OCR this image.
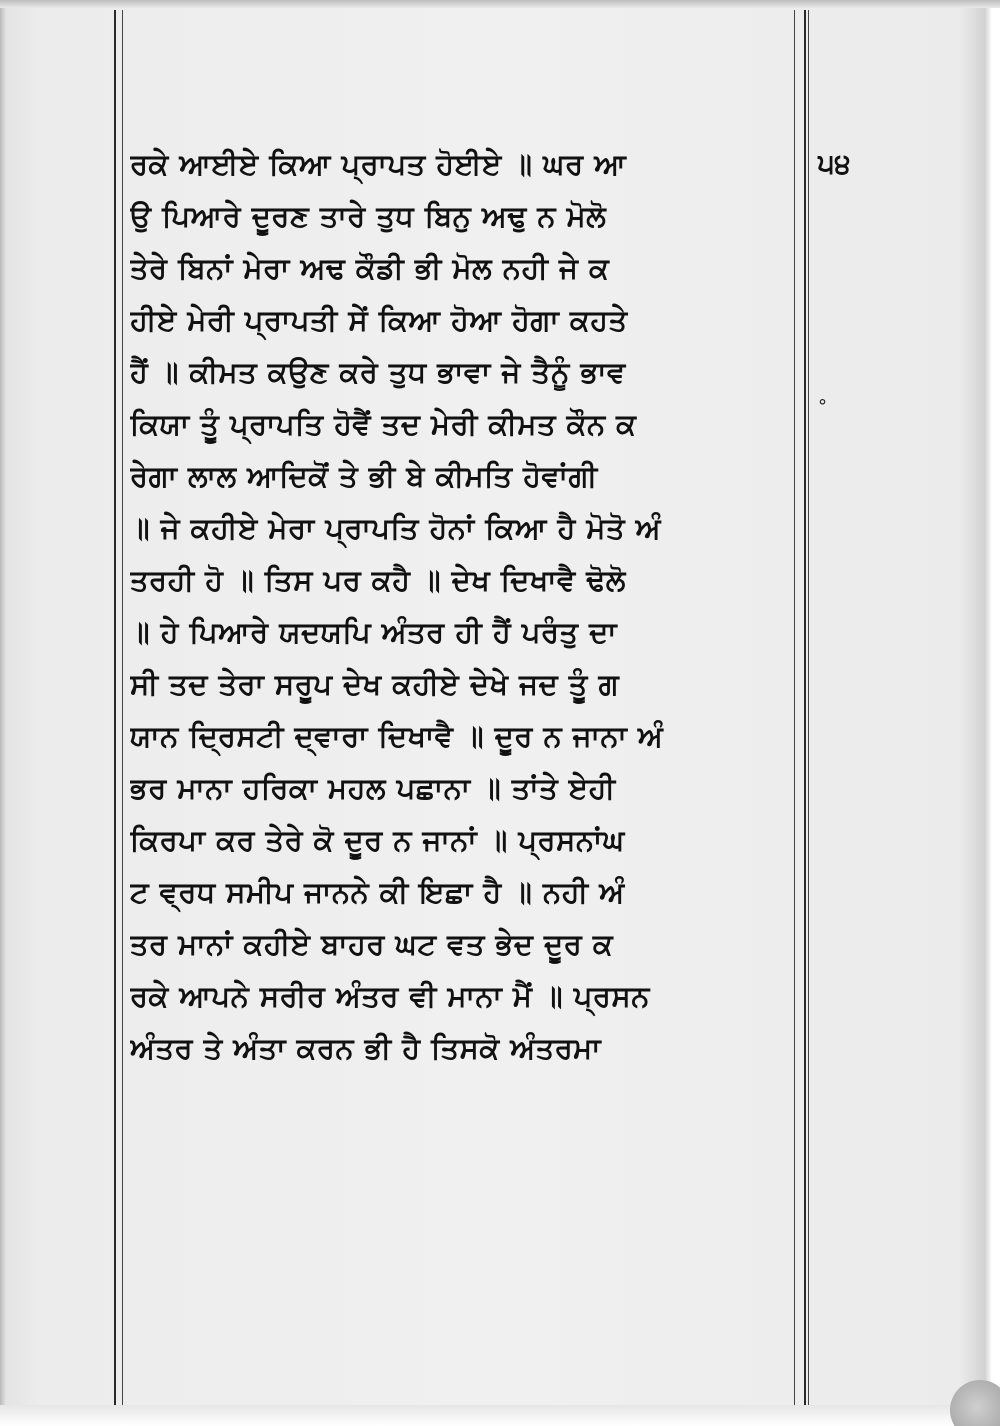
ਰਕੇ ਆਈਏ ਕਿਆ ਪ੍ਰਾਪਤ ਹੋਈਏ ॥ ਘਰ ਆ
ਉ ਪਿਆਰੇ ਦੂਰਣ ਤਾਰੇ ਤੁਧ ਬਿਨੁ ਅਢੁ ਨ ਮੋਲੋ
ਤੇਰੇ ਬਿਨਾਂ ਮੇਰਾ ਅਢ ਕੌਡੀ ਭੀ ਮੋਲ ਨਹੀ ਜੇ ਕ
ਹੀਏ ਮੇਰੀ ਪ੍ਰਾਪਤੀ ਸੇਂ ਕਿਆ ਹੋਆ ਹੋਗਾ ਕਹਤੇ
ਹੈਂ ॥ ਕੀਮਤ ਕਉਣ ਕਰੇ ਤੁਧ ਭਾਵਾ ਜੇ ਤੈਨੂੰ ਭਾਵ
ਕਿਯਾ ਤੂੰ ਪ੍ਰਾਪਤਿ ਹੋਵੈਂ ਤਦ ਮੇਰੀ ਕੀਮਤ ਕੌਨ ਕ
ਰੇਗਾ ਲਾਲ ਆਦਿਕੋਂ ਤੇ ਭੀ ਬੇ ਕੀਮਤਿ ਹੋਵਾਂਗੀ
॥ ਜੇ ਕਹੀਏ ਮੇਰਾ ਪ੍ਰਾਪਤਿ ਹੋਨਾਂ ਕਿਆ ਹੈ ਮੋਤੋ ਅੰ
ਤਰਹੀ ਹੋ ॥ ਤਿਸ ਪਰ ਕਹੈ ॥ ਦੇਖ ਦਿਖਾਵੈ ਢੋਲੋ
॥ ਹੇ ਪਿਆਰੇ ਯਦਯਪਿ ਅੰਤਰ ਹੀ ਹੈਂ ਪਰੰਤੁ ਦਾ
ਸੀ ਤਦ ਤੇਰਾ ਸਰੂਪ ਦੇਖ ਕਹੀਏ ਦੇਖੇ ਜਦ ਤੂੰ ਗ
ਯਾਨ ਦ੍ਰਿਸਟੀ ਦ੍ਵਾਰਾ ਦਿਖਾਵੈ ॥ ਦੂਰ ਨ ਜਾਨਾ ਅੰ
ਭਰ ਮਾਨਾ ਹਰਿਕਾ ਮਹਲ ਪਛਾਨਾ ॥ ਤਾਂਤੇ ਏਹੀ
ਕਿਰਪਾ ਕਰ ਤੇਰੇ ਕੋ ਦੂਰ ਨ ਜਾਨਾਂ ॥ ਪ੍ਰਸਨਾਂਘ
ਟ ਵ੍ਰਧ ਸਮੀਪ ਜਾਨਨੇ ਕੀ ਇਛਾ ਹੈ ॥ ਨਹੀ ਅੰ
ਤਰ ਮਾਨਾਂ ਕਹੀਏ ਬਾਹਰ ਘਟ ਵਤ ਭੇਦ ਦੂਰ ਕ
ਰਕੇ ਆਪਨੇ ਸਰੀਰ ਅੰਤਰ ਵੀ ਮਾਨਾ ਮੈਂ ॥ ਪ੍ਰਸਨ
ਅੰਤਰ ਤੇ ਅੰਤਾ ਕਰਨ ਭੀ ਹੈ ਤਿਸਕੋ ਅੰਤਰਮਾ
੫੪
°
